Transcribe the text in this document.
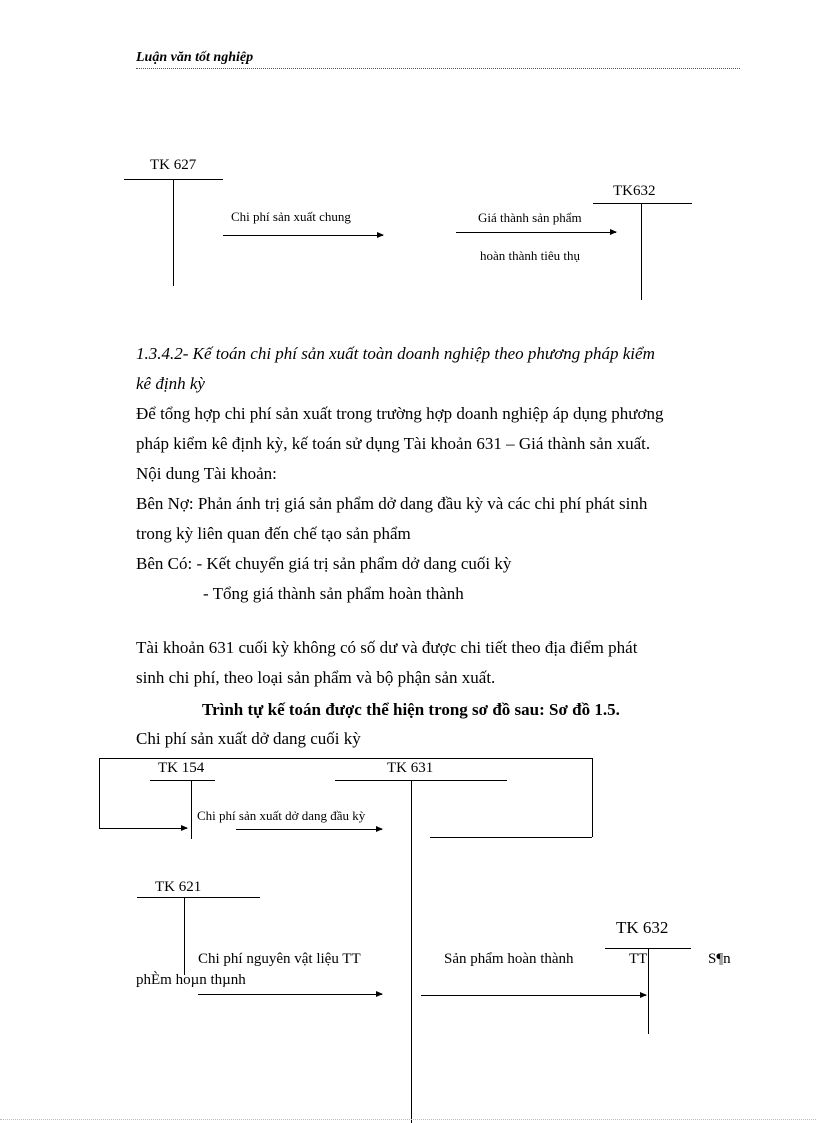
Luận văn tốt nghiệp
TK 627
Chi phí sản xuất chung
TK632
Giá thành sản phẩm
hoàn thành tiêu thụ
1.3.4.2- Kế toán chi phí sản xuất toàn doanh nghiệp theo phương pháp kiểm
kê định kỳ
Để tổng hợp chi phí sản xuất trong trường hợp doanh nghiệp áp dụng phương
pháp kiểm kê định kỳ, kế toán sử dụng Tài khoản 631 – Giá thành sản xuất.
Nội dung Tài khoản:
Bên Nợ: Phản ánh trị giá sản phẩm dở dang đầu kỳ và các chi phí phát sinh
trong kỳ liên quan đến chế tạo sản phẩm
Bên Có: - Kết chuyển giá trị sản phẩm dở dang cuối kỳ
- Tổng giá thành sản phẩm hoàn thành
Tài khoản 631 cuối kỳ không có số dư và được chi tiết theo địa điểm phát
sinh chi phí, theo loại sản phẩm và bộ phận sản xuất.
Trình tự kế toán được thể hiện trong sơ đồ sau: Sơ đồ 1.5.
Chi phí sản xuất dở dang cuối kỳ
TK 154	TK 631
Chi phí sản xuất dở dang đầu kỳ
TK 621
Chi phí nguyên vật liệu TT
phÈm hoµn thµnh
TK 632
Sản phẩm hoàn thành	TT	S¶n
